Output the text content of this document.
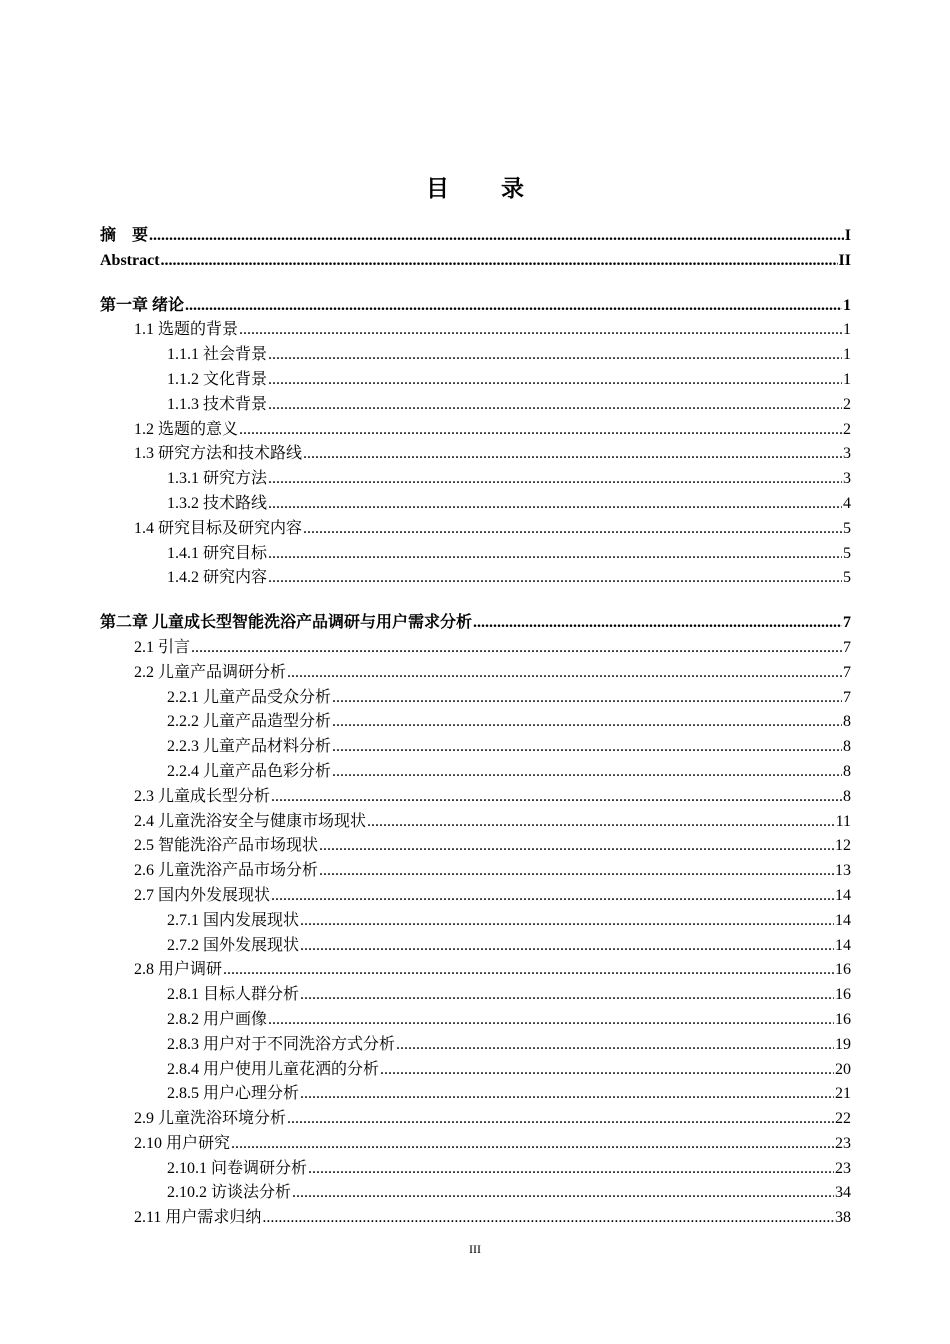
目 录
摘　要 .....	I
Abstract .....	II
第一章 绪论 .....	1
1.1 选题的背景 .....	1
1.1.1 社会背景 .....	1
1.1.2 文化背景 .....	1
1.1.3 技术背景 .....	2
1.2 选题的意义 .....	2
1.3 研究方法和技术路线 .....	3
1.3.1 研究方法 .....	3
1.3.2 技术路线 .....	4
1.4 研究目标及研究内容 .....	5
1.4.1 研究目标 .....	5
1.4.2 研究内容 .....	5
第二章 儿童成长型智能洗浴产品调研与用户需求分析 .....	7
2.1 引言 .....	7
2.2 儿童产品调研分析 .....	7
2.2.1 儿童产品受众分析 .....	7
2.2.2 儿童产品造型分析 .....	8
2.2.3 儿童产品材料分析 .....	8
2.2.4 儿童产品色彩分析 .....	8
2.3 儿童成长型分析 .....	8
2.4 儿童洗浴安全与健康市场现状 .....	11
2.5 智能洗浴产品市场现状 .....	12
2.6 儿童洗浴产品市场分析 .....	13
2.7 国内外发展现状 .....	14
2.7.1 国内发展现状 .....	14
2.7.2 国外发展现状 .....	14
2.8 用户调研 .....	16
2.8.1 目标人群分析 .....	16
2.8.2 用户画像 .....	16
2.8.3 用户对于不同洗浴方式分析 .....	19
2.8.4 用户使用儿童花洒的分析 .....	20
2.8.5 用户心理分析 .....	21
2.9 儿童洗浴环境分析 .....	22
2.10 用户研究 .....	23
2.10.1 问卷调研分析 .....	23
2.10.2 访谈法分析 .....	34
2.11 用户需求归纳 .....	38
III
